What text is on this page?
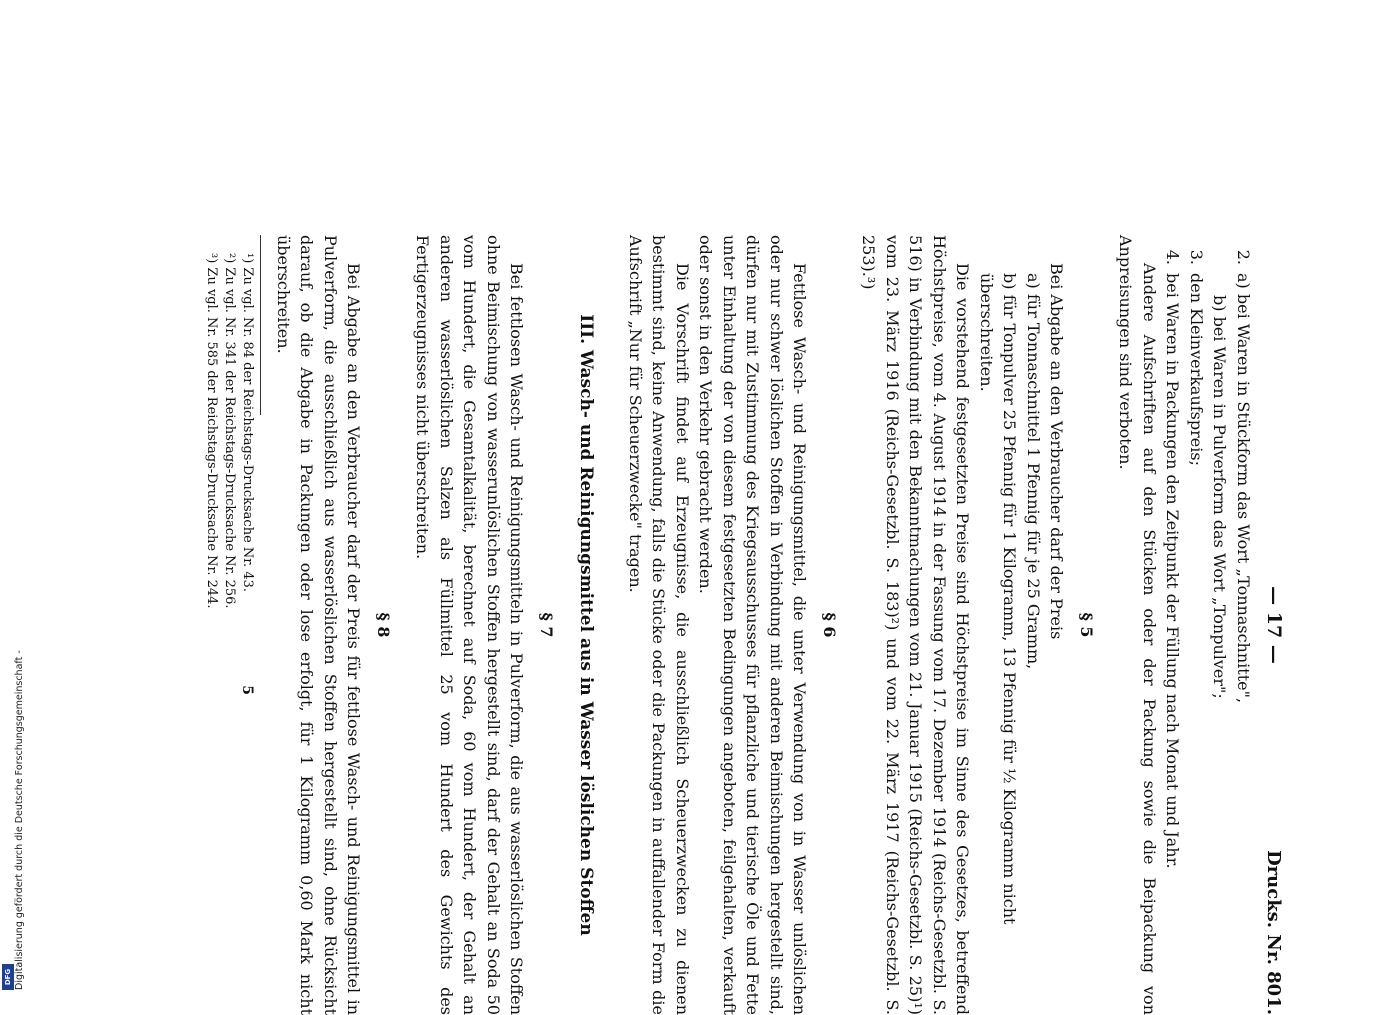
— 17 —
Drucks. Nr. 801.
2.
a) bei Waren in Stückform das Wort „Tonnaschnitte",
b) bei Waren in Pulverform das Wort „Tonpulver";
3.
den Kleinverkaufspreis;
4.
bei Waren in Packungen den Zeitpunkt der Füllung nach Monat und Jahr.

Andere Aufschriften auf den Stücken oder der Packung sowie die Beipackung von Anpreisungen sind verboten.

§ 5

Bei Abgabe an den Verbraucher darf der Preis

a) für Tonnaschnittel 1 Pfennig für je 25 Gramm,
b) für Tonpulver 25 Pfennig für 1 Kilogramm, 13 Pfennig für ½ Kilogramm nicht überschreiten.

Die vorstehend festgesetzten Preise sind Höchstpreise im Sinne des Gesetzes, betreffend Höchstpreise, vom 4. August 1914 in der Fassung vom 17. Dezember 1914 (Reichs-Gesetzbl. S. 516) in Verbindung mit den Bekanntmachungen vom 21. Januar 1915 (Reichs-Gesetzbl. S. 25)¹) vom 23. März 1916 (Reichs-Gesetzbl. S. 183)²) und vom 22. März 1917 (Reichs-Gesetzbl. S. 253).³)

§ 6

Fettlose Wasch- und Reinigungsmittel, die unter Verwendung von in Wasser unlöslichen oder nur schwer löslichen Stoffen in Verbindung mit anderen Beimischungen hergestellt sind, dürfen nur mit Zustimmung des Kriegsausschusses für pflanzliche und tierische Öle und Fette unter Einhaltung der von diesem festgesetzten Bedingungen angeboten, feilgehalten, verkauft oder sonst in den Verkehr gebracht werden.

Die Vorschrift findet auf Erzeugnisse, die ausschließlich Scheuerzwecken zu dienen bestimmt sind, keine Anwendung, falls die Stücke oder die Packungen in auffallender Form die Aufschrift „Nur für Scheuerzwecke" tragen.

III. Wasch- und Reinigungsmittel aus in Wasser löslichen Stoffen
§ 7

Bei fettlosen Wasch- und Reinigungsmitteln in Pulverform, die aus wasserlöslichen Stoffen ohne Beimischung von wasserunlöslichen Stoffen hergestellt sind, darf der Gehalt an Soda 50 vom Hundert, die Gesamtalkalität, berechnet auf Soda, 60 vom Hundert, der Gehalt an anderen wasserlöslichen Salzen als Füllmittel 25 vom Hundert des Gewichts des Fertigerzeugnisses nicht überschreiten.

§ 8

Bei Abgabe an den Verbraucher darf der Preis für fettlose Wasch- und Reinigungsmittel in Pulverform, die ausschließlich aus wasserlöslichen Stoffen hergestellt sind, ohne Rücksicht darauf, ob die Abgabe in Packungen oder lose erfolgt, für 1 Kilogramm 0,60 Mark nicht überschreiten.

¹) Zu vgl. Nr. 84 der Reichstags-Drucksache Nr. 43.
²) Zu vgl. Nr. 341 der Reichstags-Drucksache Nr. 256.
³) Zu vgl. Nr. 585 der Reichstags-Drucksache Nr. 244.
5
Digitalisierung gefördert durch die Deutsche Forschungsgemeinschaft -
DFG
